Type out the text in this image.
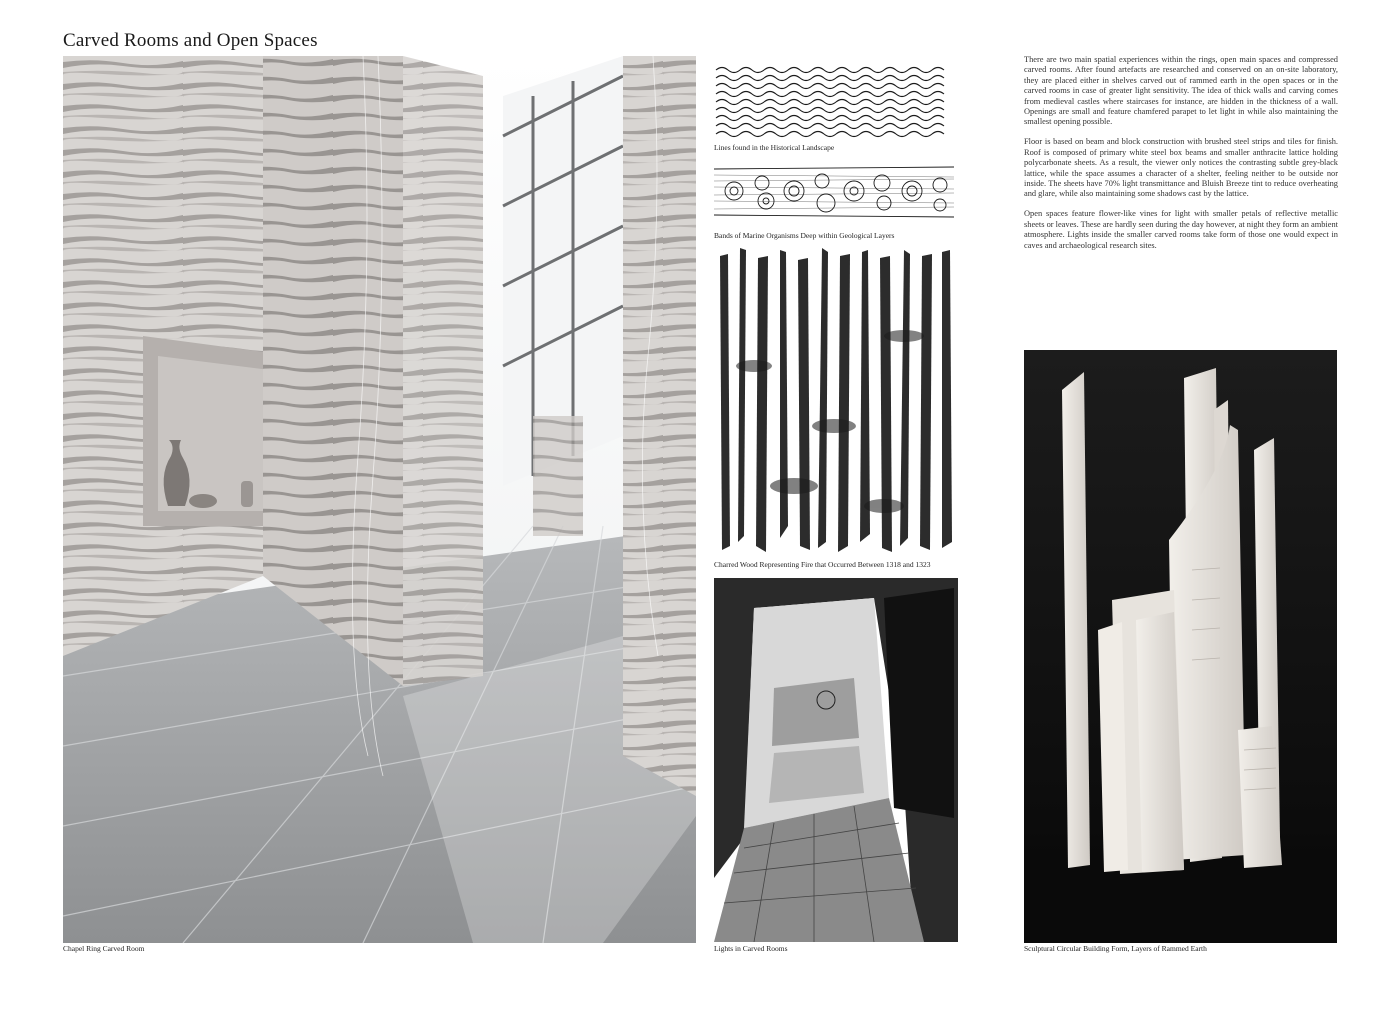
Carved Rooms and Open Spaces
Chapel Ring Carved Room
Lines found in the Historical Landscape
Bands of Marine Organisms Deep within Geological Layers
Charred Wood Representing Fire that Occurred Between 1318 and 1323
Lights in Carved Rooms

There are two main spatial experiences within the rings, open main spaces and compressed carved rooms. After found artefacts are researched and conserved on an on-site laboratory, they are placed either in shelves carved out of rammed earth in the open spaces or in the carved rooms in case of greater light sensitivity. The idea of thick walls and carving comes from medieval castles where staircases for instance, are hidden in the thickness of a wall. Openings are small and feature chamfered parapet to let light in while also maintaining the smallest opening possible.

Floor is based on beam and block construction with brushed steel strips and tiles for finish. Roof is composed of primary white steel box beams and smaller anthracite lattice holding polycarbonate sheets. As a result, the viewer only notices the contrasting subtle grey-black lattice, while the space assumes a character of a shelter, feeling neither to be outside nor inside. The sheets have 70% light transmittance and Bluish Breeze tint to reduce overheating and glare, while also maintaining some shadows cast by the lattice.

Open spaces feature flower-like vines for light with smaller petals of reflective metallic sheets or leaves. These are hardly seen during the day however, at night they form an ambient atmosphere. Lights inside the smaller carved rooms take form of those one would expect in caves and archaeological research sites.

Sculptural Circular Building Form, Layers of Rammed Earth
